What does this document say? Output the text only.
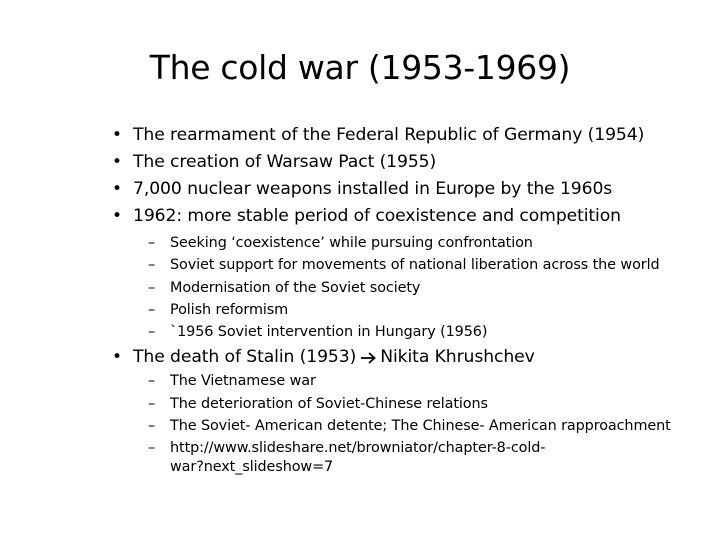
The cold war (1953-1969)
• The rearmament of the Federal Republic of Germany (1954)
• The creation of Warsaw Pact (1955)
• 7,000 nuclear weapons installed in Europe by the 1960s
• 1962: more stable period of coexistence and competition
– Seeking ‘coexistence’ while pursuing confrontation
– Soviet support for movements of national liberation across the world
– Modernisation of the Soviet society
– Polish reformism
– `1956 Soviet intervention in Hungary (1956)
• The death of Stalin (1953) Nikita Khrushchev
– The Vietnamese war
– The deterioration of Soviet-Chinese relations
– The Soviet- American detente; The Chinese- American rapproachment
– http://www.slideshare.net/browniator/chapter-8-cold-
war?next_slideshow=7
